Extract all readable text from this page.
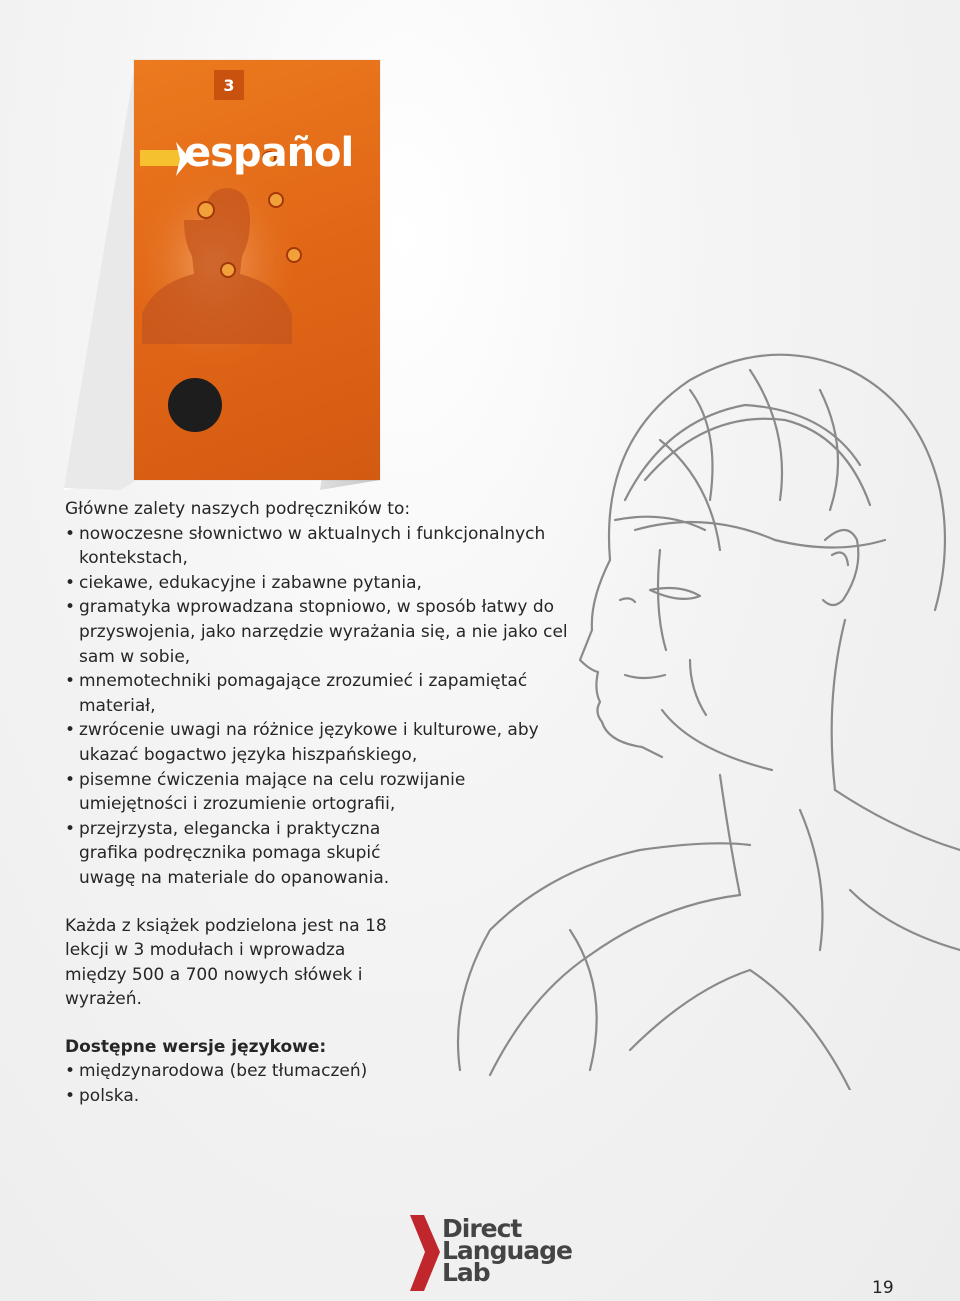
3
español

Główne zalety naszych podręczników to:

• nowoczesne słownictwo w aktualnych i funkcjonalnych kontekstach,
• ciekawe, edukacyjne i zabawne pytania,
• gramatyka wprowadzana stopniowo, w sposób łatwy do przyswojenia, jako narzędzie wyrażania się, a nie jako cel sam w sobie,
• mnemotechniki pomagające zrozumieć i zapamiętać materiał,
• zwrócenie uwagi na różnice językowe i kulturowe, aby ukazać bogactwo języka hiszpańskiego,
• pisemne ćwiczenia mające na celu rozwijanie umiejętności i zrozumienie ortografii,
• przejrzysta, elegancka i praktyczna grafika podręcznika pomaga skupić uwagę na materiale do opanowania.

Każda z książek podzielona jest na 18 lekcji w 3 modułach i wprowadza między 500 a 700 nowych słówek i wyrażeń.

Dostępne wersje językowe:

• międzynarodowa (bez tłumaczeń)
• polska.
Direct
Language
Lab
19
